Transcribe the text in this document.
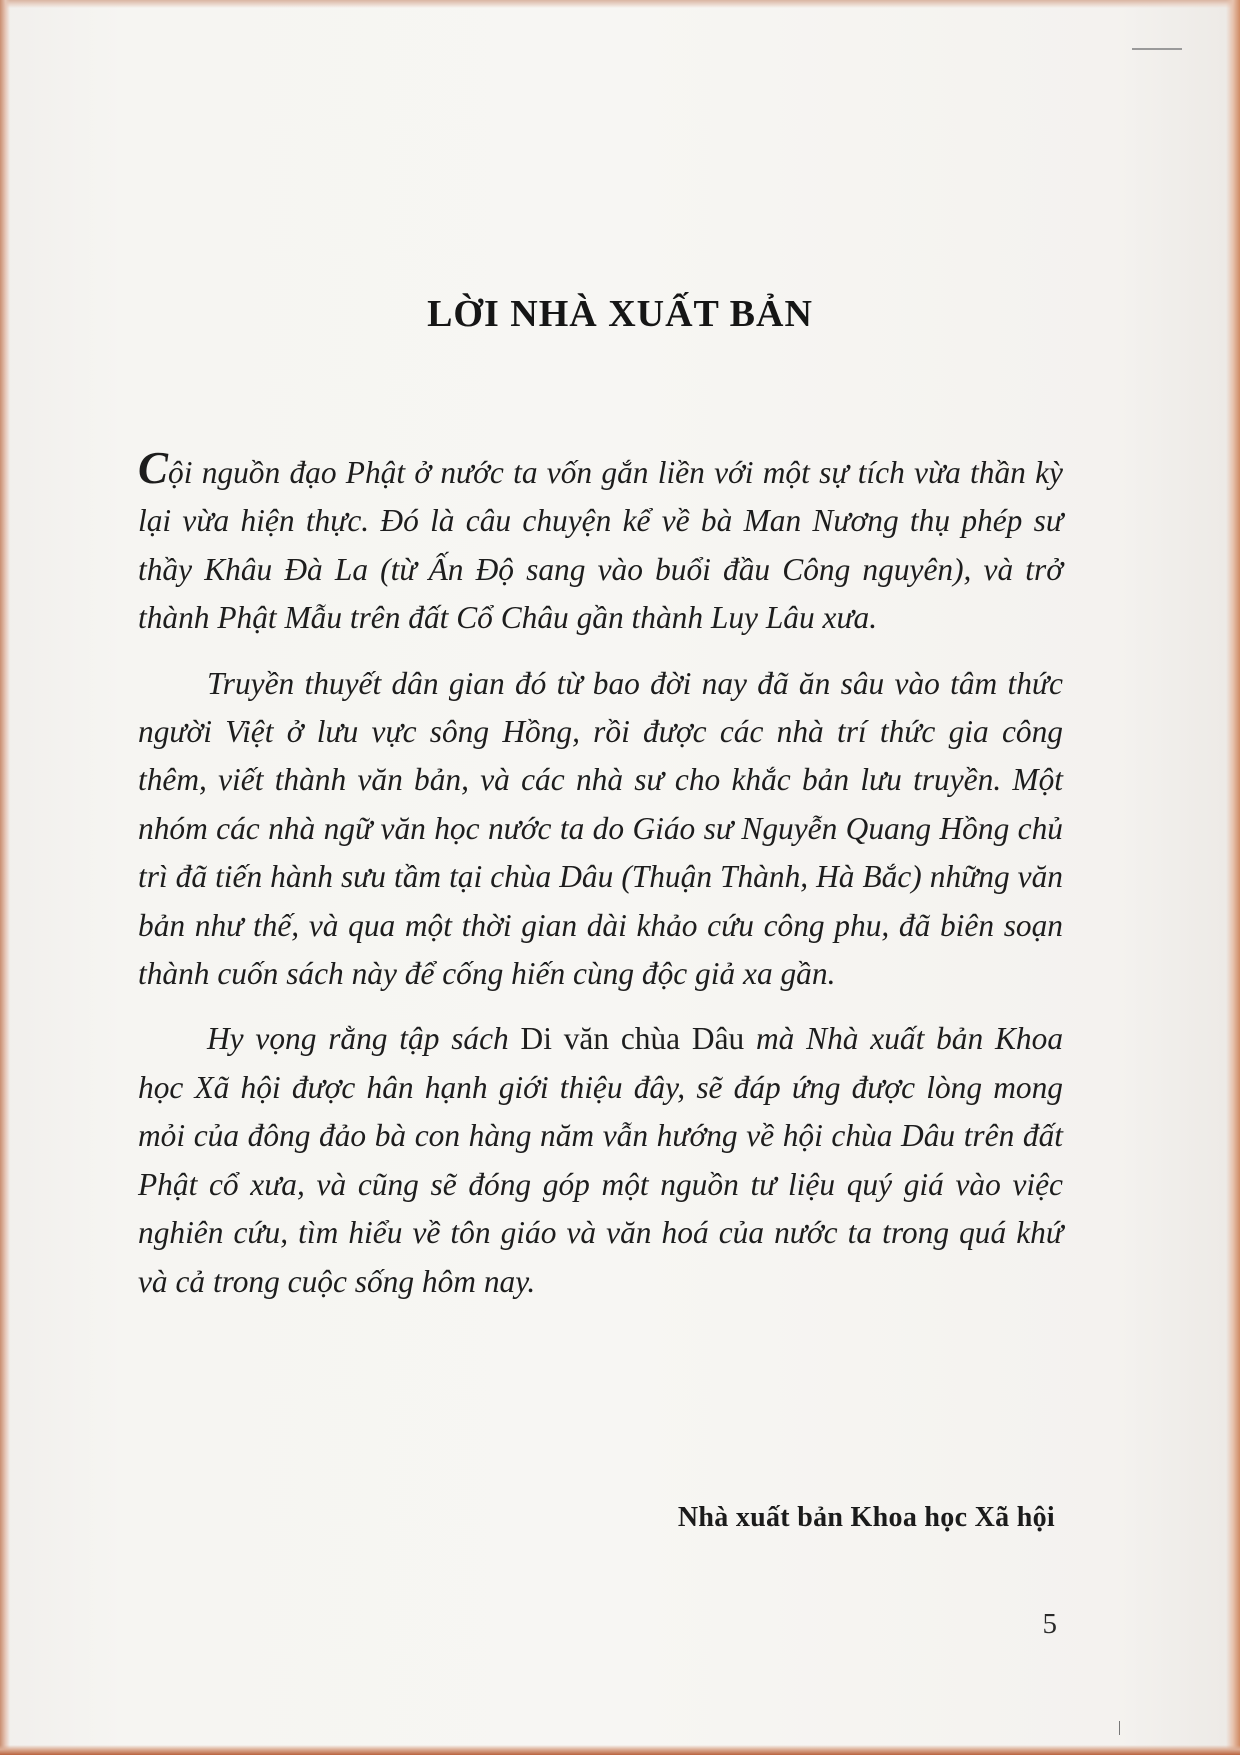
LỜI NHÀ XUẤT BẢN

Cội nguồn đạo Phật ở nước ta vốn gắn liền với một sự tích vừa thần kỳ lại vừa hiện thực. Đó là câu chuyện kể về bà Man Nương thụ phép sư thầy Khâu Đà La (từ Ấn Độ sang vào buổi đầu Công nguyên), và trở thành Phật Mẫu trên đất Cổ Châu gần thành Luy Lâu xưa.

Truyền thuyết dân gian đó từ bao đời nay đã ăn sâu vào tâm thức người Việt ở lưu vực sông Hồng, rồi được các nhà trí thức gia công thêm, viết thành văn bản, và các nhà sư cho khắc bản lưu truyền. Một nhóm các nhà ngữ văn học nước ta do Giáo sư Nguyễn Quang Hồng chủ trì đã tiến hành sưu tầm tại chùa Dâu (Thuận Thành, Hà Bắc) những văn bản như thế, và qua một thời gian dài khảo cứu công phu, đã biên soạn thành cuốn sách này để cống hiến cùng độc giả xa gần.

Hy vọng rằng tập sách Di văn chùa Dâu mà Nhà xuất bản Khoa học Xã hội được hân hạnh giới thiệu đây, sẽ đáp ứng được lòng mong mỏi của đông đảo bà con hàng năm vẫn hướng về hội chùa Dâu trên đất Phật cổ xưa, và cũng sẽ đóng góp một nguồn tư liệu quý giá vào việc nghiên cứu, tìm hiểu về tôn giáo và văn hoá của nước ta trong quá khứ và cả trong cuộc sống hôm nay.

Nhà xuất bản Khoa học Xã hội
5
